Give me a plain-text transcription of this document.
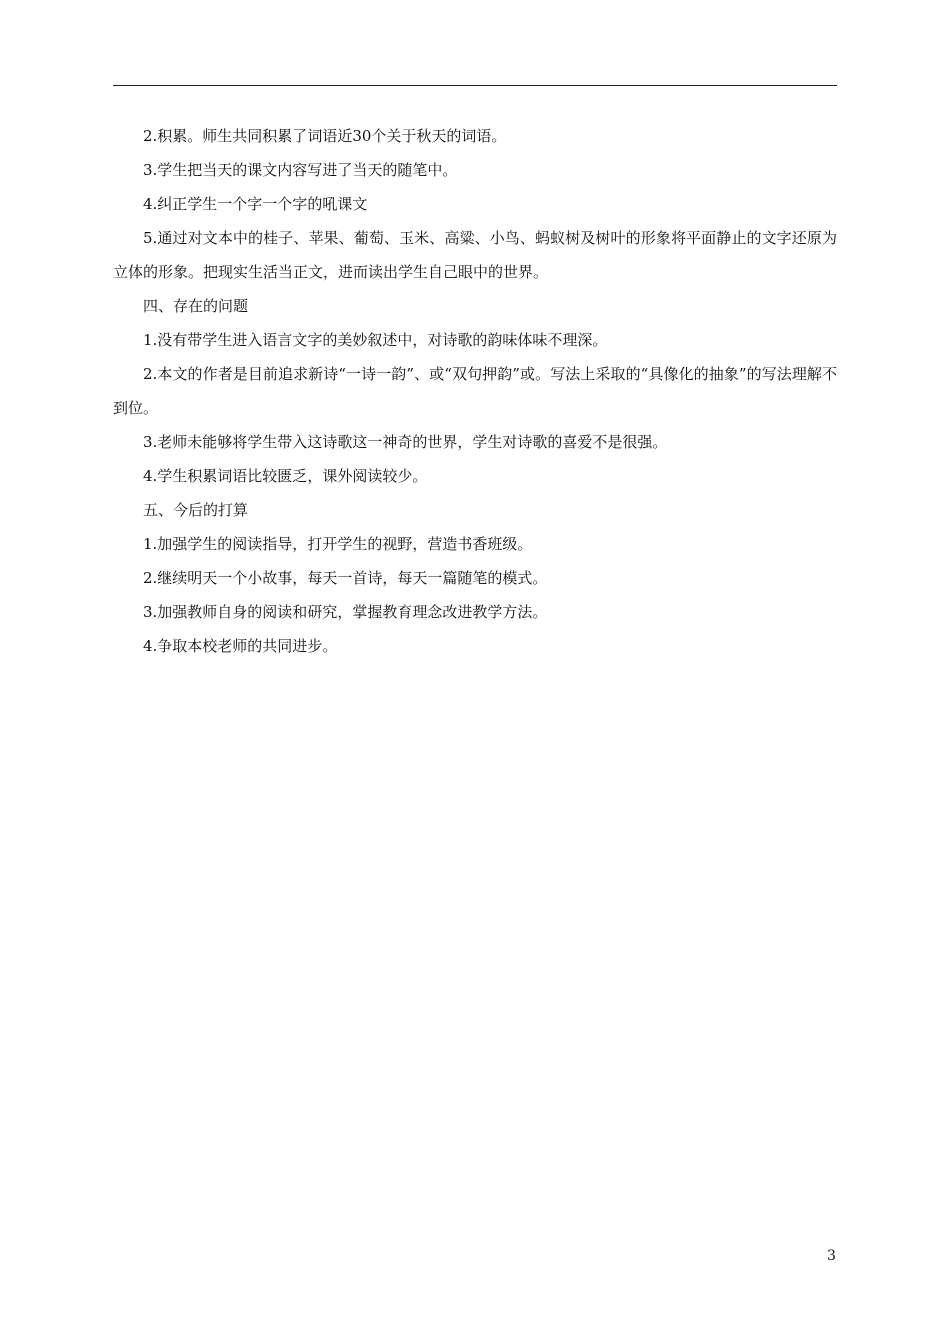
2.积累。师生共同积累了词语近30个关于秋天的词语。

3.学生把当天的课文内容写进了当天的随笔中。

4.纠正学生一个字一个字的吼课文

5.通过对文本中的桂子、苹果、葡萄、玉米、高粱、小鸟、蚂蚁树及树叶的形象将平面静止的文字还原为立体的形象。把现实生活当正文，进而读出学生自己眼中的世界。

四、存在的问题

1.没有带学生进入语言文字的美妙叙述中，对诗歌的韵味体味不理深。

2.本文的作者是目前追求新诗“一诗一韵”、或“双句押韵”或。写法上采取的“具像化的抽象”的写法理解不到位。

3.老师未能够将学生带入这诗歌这一神奇的世界，学生对诗歌的喜爱不是很强。

4.学生积累词语比较匮乏，课外阅读较少。

五、今后的打算

1.加强学生的阅读指导，打开学生的视野，营造书香班级。

2.继续明天一个小故事，每天一首诗，每天一篇随笔的模式。

3.加强教师自身的阅读和研究，掌握教育理念改进教学方法。

4.争取本校老师的共同进步。

3
